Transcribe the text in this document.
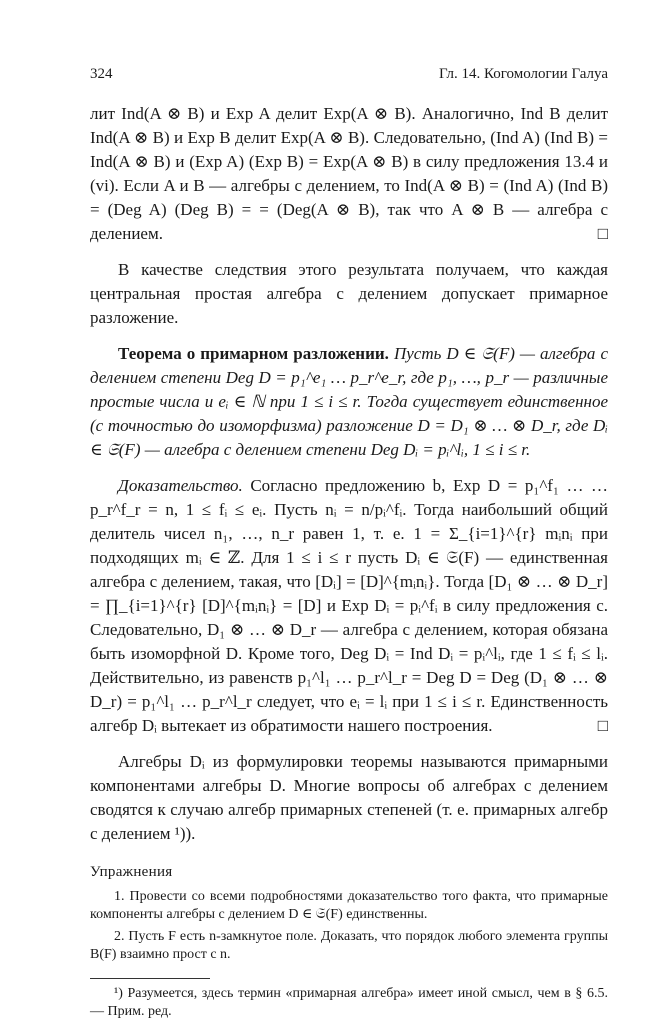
324	Гл. 14. Когомологии Галуа

лит Ind(A ⊗ B) и Exp A делит Exp(A ⊗ B). Аналогично, Ind B делит Ind(A ⊗ B) и Exp B делит Exp(A ⊗ B). Следовательно, (Ind A) (Ind B) = Ind(A ⊗ B) и (Exp A) (Exp B) = Exp(A ⊗ B) в силу предложения 13.4 и (vi). Если A и B — алгебры с делением, то Ind(A ⊗ B) = (Ind A) (Ind B) = (Deg A) (Deg B) = = (Deg(A ⊗ B), так что A ⊗ B — алгебра с делением.	□

В качестве следствия этого результата получаем, что каждая центральная простая алгебра с делением допускает примарное разложение.

Теорема о примарном разложении. Пусть D ∈ 𝔖(F) — алгебра с делением степени Deg D = p₁^e₁ … p_r^e_r, где p₁, …, p_r — различные простые числа и eᵢ ∈ ℕ при 1 ≤ i ≤ r. Тогда существует единственное (с точностью до изоморфизма) разложение D = D₁ ⊗ … ⊗ D_r, где Dᵢ ∈ 𝔖(F) — алгебра с делением степени Deg Dᵢ = pᵢ^lᵢ, 1 ≤ i ≤ r.

Доказательство. Согласно предложению b, Exp D = p₁^f₁ … … p_r^f_r = n, 1 ≤ fᵢ ≤ eᵢ. Пусть nᵢ = n/pᵢ^fᵢ. Тогда наибольший общий делитель чисел n₁, …, n_r равен 1, т. е. 1 = Σ_{i=1}^{r} mᵢnᵢ при подходящих mᵢ ∈ ℤ. Для 1 ≤ i ≤ r пусть Dᵢ ∈ 𝔖(F) — единственная алгебра с делением, такая, что [Dᵢ] = [D]^{mᵢnᵢ}. Тогда [D₁ ⊗ … ⊗ D_r] = ∏_{i=1}^{r} [D]^{mᵢnᵢ} = [D] и Exp Dᵢ = pᵢ^fᵢ в силу предложения c. Следовательно, D₁ ⊗ … ⊗ D_r — алгебра с делением, которая обязана быть изоморфной D. Кроме того, Deg Dᵢ = Ind Dᵢ = pᵢ^lᵢ, где 1 ≤ fᵢ ≤ lᵢ. Действительно, из равенств p₁^l₁ … p_r^l_r = Deg D = Deg (D₁ ⊗ … ⊗ D_r) = p₁^l₁ … p_r^l_r следует, что eᵢ = lᵢ при 1 ≤ i ≤ r. Единственность алгебр Dᵢ вытекает из обратимости нашего построения.	□

Алгебры Dᵢ из формулировки теоремы называются примарными компонентами алгебры D. Многие вопросы об алгебрах с делением сводятся к случаю алгебр примарных степеней (т. е. примарных алгебр с делением ¹)).

Упражнения

1. Провести со всеми подробностями доказательство того факта, что примарные компоненты алгебры с делением D ∈ 𝔖(F) единственны.

2. Пусть F есть n-замкнутое поле. Доказать, что порядок любого элемента группы B(F) взаимно прост с n.

¹) Разумеется, здесь термин «примарная алгебра» имеет иной смысл, чем в § 6.5. — Прим. ред.
